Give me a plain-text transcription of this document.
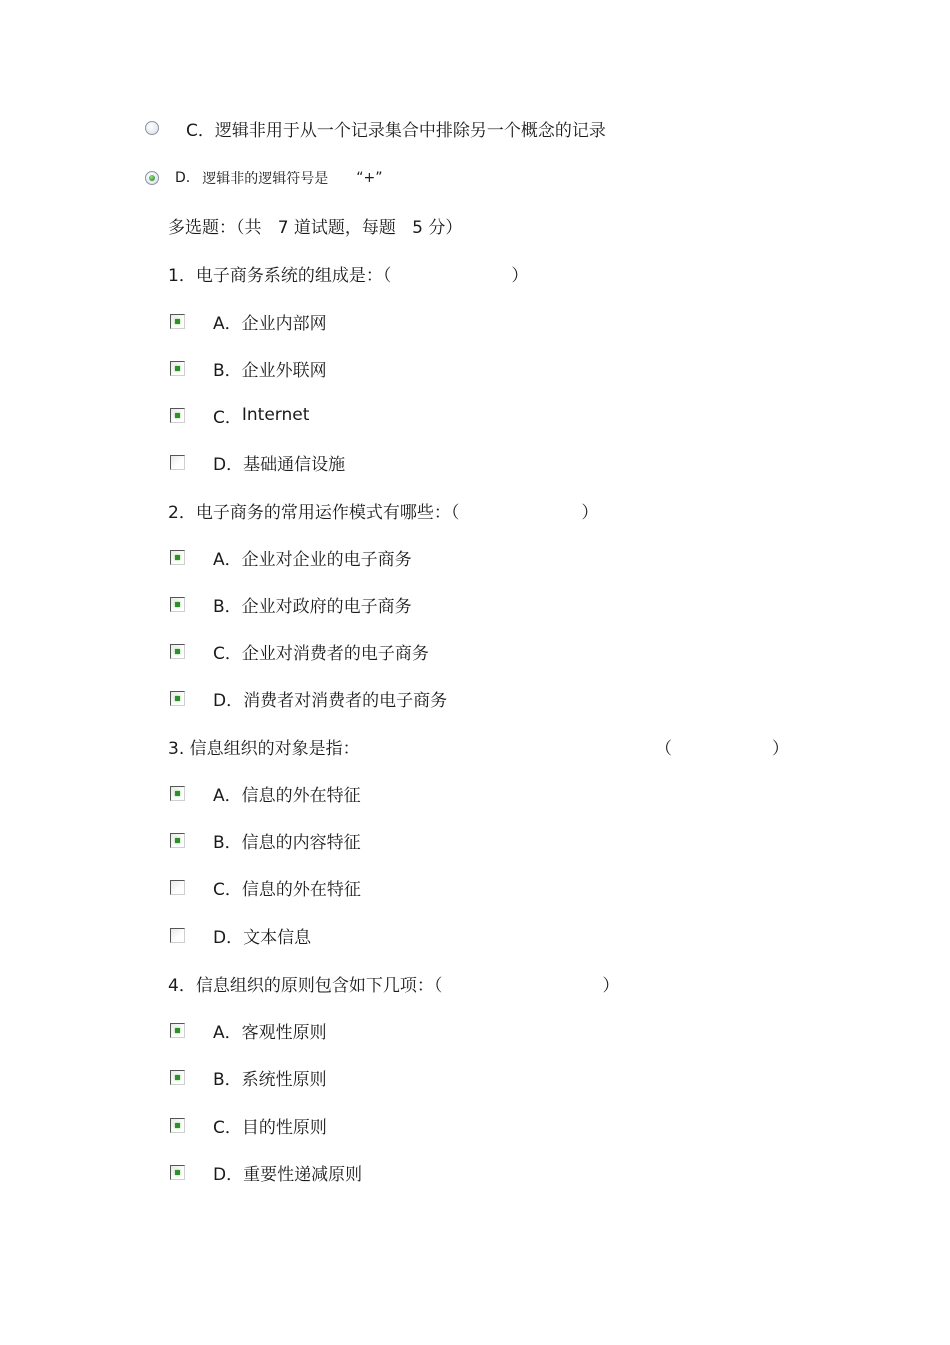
C． 逻辑非用于从一个记录集合中排除另一个概念的记录
D. 逻辑非的逻辑符号是 “+”
多选题：（共   7 道试题，每题   5 分）
1．电子商务系统的组成是：（	）
A． 企业内部网
B． 企业外联网
C． Internet
D． 基础通信设施
2．电子商务的常用运作模式有哪些：（	）
A． 企业对企业的电子商务
B． 企业对政府的电子商务
C． 企业对消费者的电子商务
D． 消费者对消费者的电子商务
3. 信息组织的对象是指：	（	）
A． 信息的外在特征
B． 信息的内容特征
C． 信息的外在特征
D． 文本信息
4．信息组织的原则包含如下几项：（	）
A． 客观性原则
B． 系统性原则
C． 目的性原则
D． 重要性递减原则
